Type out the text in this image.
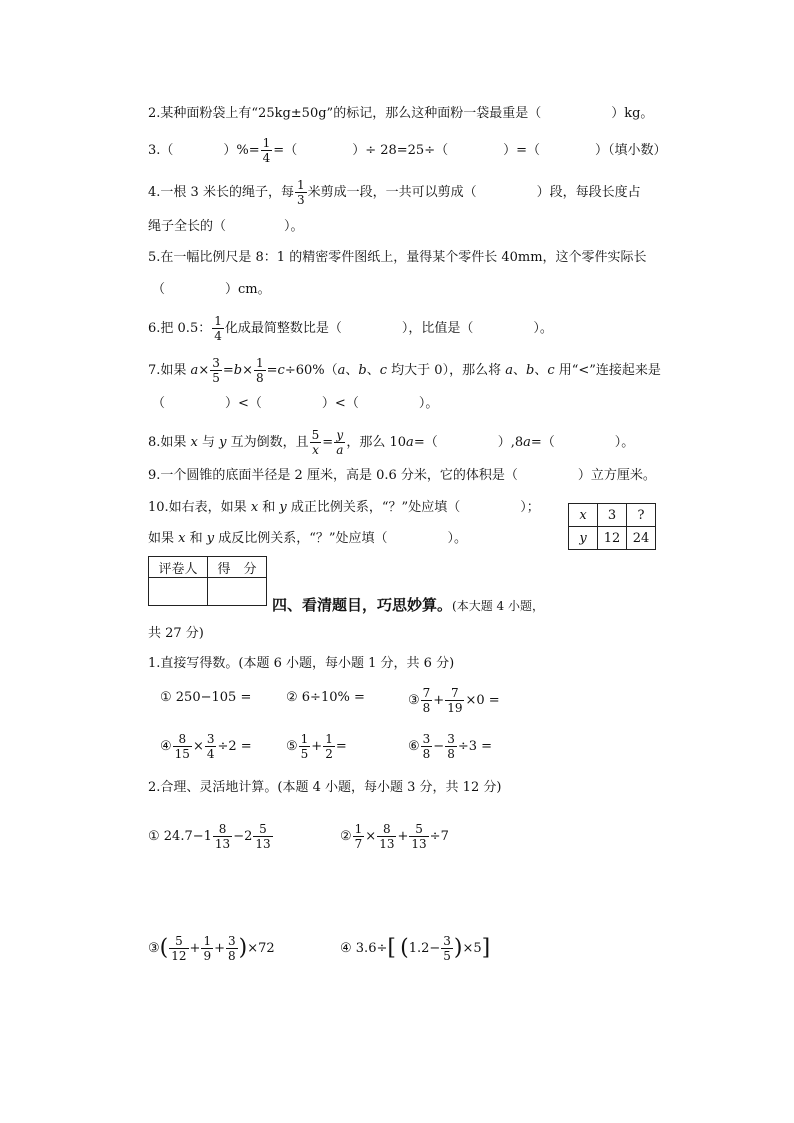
2.某种面粉袋上有“25kg±50g”的标记，那么这种面粉一袋最重是（	）kg。
3.（	）%= $\frac{1}{4}$ =（	）÷ 28=25÷（	）=（	）（填小数）
4.一根 3 米长的绳子，每 $\frac{1}{3}$ 米剪成一段，一共可以剪成（	）段，每段长度占
绳子全长的（	）。
5.在一幅比例尺是 8：1 的精密零件图纸上，量得某个零件长 40mm，这个零件实际长
（	）cm。
6.把 0.5： $\frac{1}{4}$ 化成最简整数比是（	），比值是（	）。
7.如果 $a\times \frac{3}{5} =b\times \frac{1}{8} =c\div 60\%(a$、b、c 均大于 0），那么将 a、b、c 用“<”连接起来是
（	）<（	）<（	）。
8.如果 x 与 y 互为倒数，且 $\frac{5}{x} = \frac{y}{a}$ ，那么 10a=（	）,8a=（	）。
9.一个圆锥的底面半径是 2 厘米，高是 0.6 分米，它的体积是（	）立方厘米。
10.如右表，如果 x 和 y 成正比例关系，“？”处应填（	）；
如果 x 和 y 成反比例关系，“？”处应填（	）。
x	3	?
y	12	24
评卷人	得　分

四、看清题目，巧思妙算。(本大题 4 小题，
共 27 分)
1.直接写得数。(本题 6 小题，每小题 1 分，共 6 分)
① 250−105 =	② 6÷10% =	③ $\frac{7}{8} + \frac{7}{19} \times 0$ =
④ $\frac{8}{15} \times \frac{3}{4} \div 2$ =	⑤ $\frac{1}{5} + \frac{1}{2}$ =	⑥ $\frac{3}{8} - \frac{3}{8} \div 3$ =
2.合理、灵活地计算。(本题 4 小题，每小题 3 分，共 12 分)
① $24.7-1 \frac{8}{13} -2 \frac{5}{13}$	② $\frac{1}{7} \times \frac{8}{13} + \frac{5}{13} \div 7$
③( $\frac{5}{12} + \frac{1}{9} + \frac{3}{8} )\times 72$	④ 3.6÷[ $(1.2- \frac{3}{5} )\times 5$]
